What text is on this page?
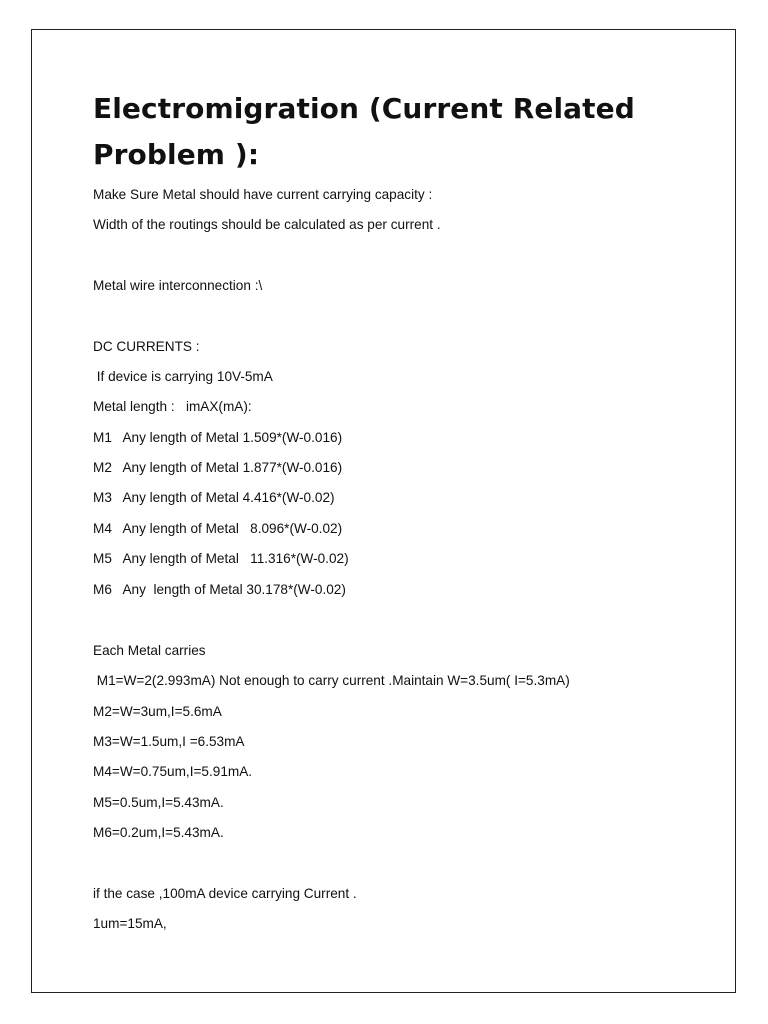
Electromigration (Current Related Problem ):
Make Sure Metal should have current carrying capacity :
Width of the routings should be calculated as per current .
Metal wire interconnection :\
DC CURRENTS :
If device is carrying 10V-5mA
Metal length :   imAX(mA):
M1   Any length of Metal 1.509*(W-0.016)
M2   Any length of Metal 1.877*(W-0.016)
M3   Any length of Metal 4.416*(W-0.02)
M4   Any length of Metal   8.096*(W-0.02)
M5   Any length of Metal   11.316*(W-0.02)
M6   Any  length of Metal 30.178*(W-0.02)
Each Metal carries
M1=W=2(2.993mA) Not enough to carry current .Maintain W=3.5um( I=5.3mA)
M2=W=3um,I=5.6mA
M3=W=1.5um,I =6.53mA
M4=W=0.75um,I=5.91mA.
M5=0.5um,I=5.43mA.
M6=0.2um,I=5.43mA.
if the case ,100mA device carrying Current .
1um=15mA,
